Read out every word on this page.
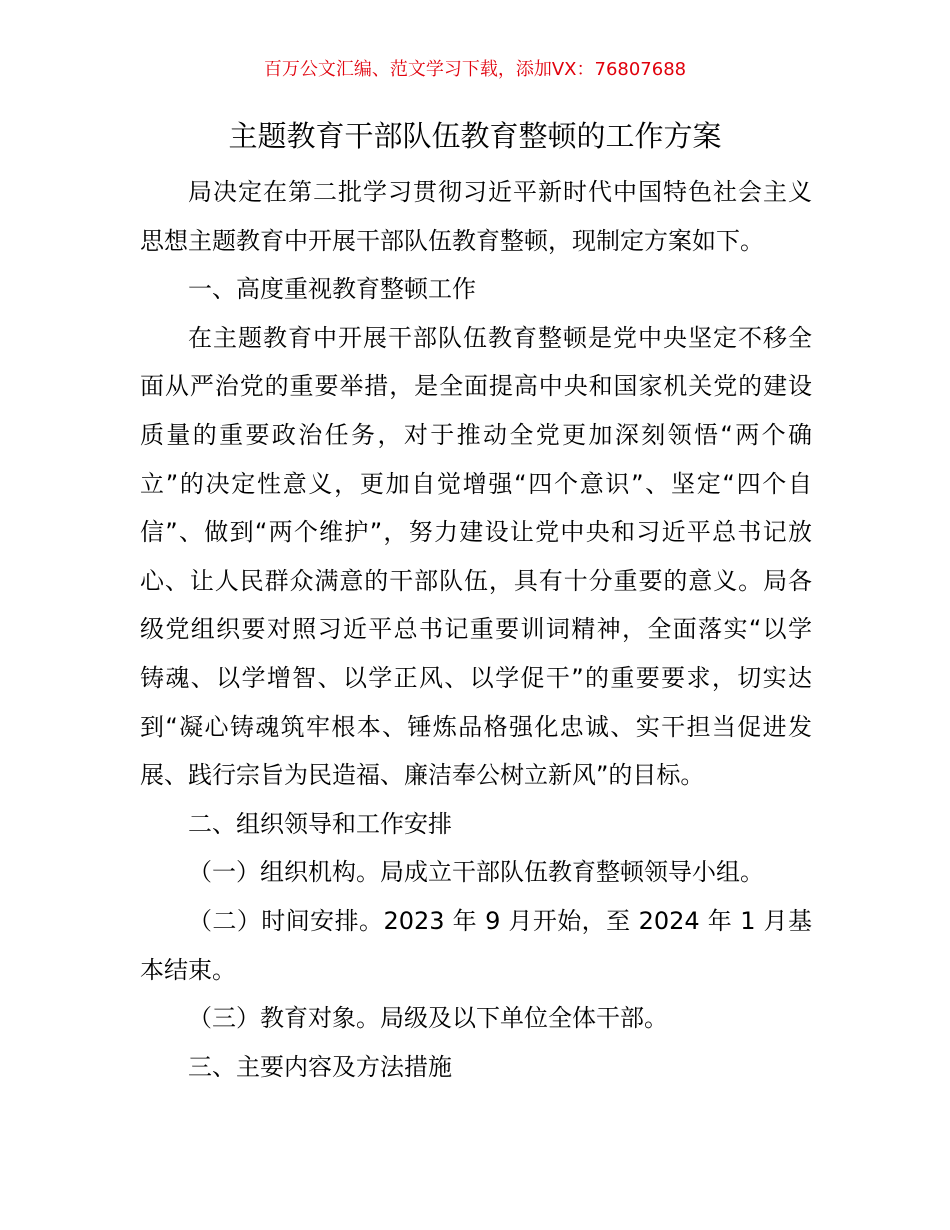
百万公文汇编、范文学习下载，添加VX：76807688
主题教育干部队伍教育整顿的工作方案
局决定在第二批学习贯彻习近平新时代中国特色社会主义
思想主题教育中开展干部队伍教育整顿，现制定方案如下。
一、高度重视教育整顿工作
在主题教育中开展干部队伍教育整顿是党中央坚定不移全
面从严治党的重要举措，是全面提高中央和国家机关党的建设
质量的重要政治任务，对于推动全党更加深刻领悟“两个确
立”的决定性意义，更加自觉增强“四个意识”、坚定“四个自
信”、做到“两个维护”，努力建设让党中央和习近平总书记放
心、让人民群众满意的干部队伍，具有十分重要的意义。局各
级党组织要对照习近平总书记重要训词精神，全面落实“以学
铸魂、以学增智、以学正风、以学促干”的重要要求，切实达
到“凝心铸魂筑牢根本、锤炼品格强化忠诚、实干担当促进发
展、践行宗旨为民造福、廉洁奉公树立新风”的目标。
二、组织领导和工作安排
（一）组织机构。局成立干部队伍教育整顿领导小组。
（二）时间安排。2023 年 9 月开始，至 2024 年 1 月基
本结束。
（三）教育对象。局级及以下单位全体干部。
三、主要内容及方法措施
